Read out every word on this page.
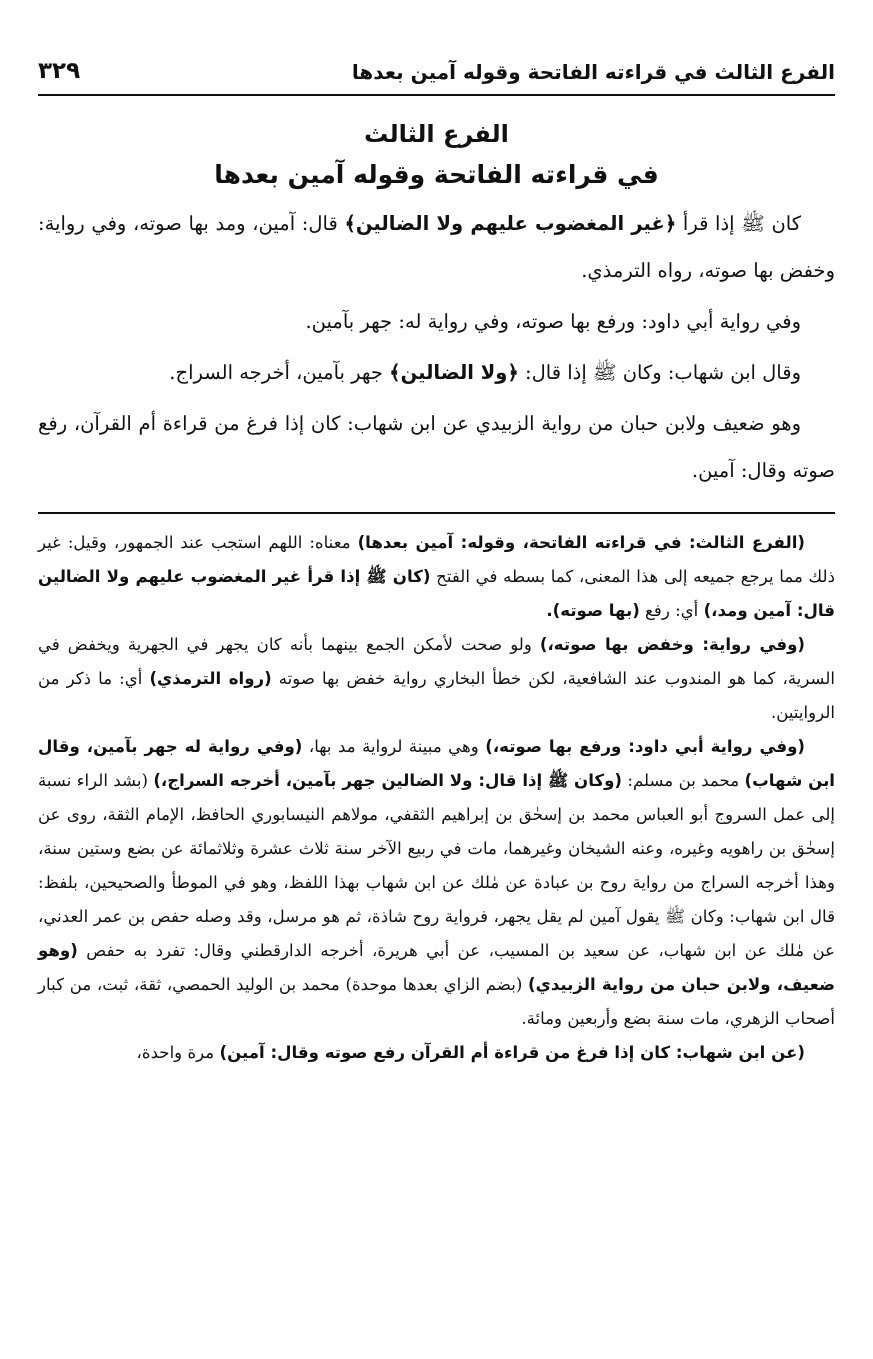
الفرع الثالث في قراءته الفاتحة وقوله آمين بعدها
٣٢٩
الفرع الثالث
في قراءته الفاتحة وقوله آمين بعدها

كان ﷺ إذا قرأ ﴿غير المغضوب عليهم ولا الضالين﴾ قال: آمين، ومد بها صوته، وفي رواية: وخفض بها صوته، رواه الترمذي.

وفي رواية أبي داود: ورفع بها صوته، وفي رواية له: جهر بآمين.

وقال ابن شهاب: وكان ﷺ إذا قال: ﴿ولا الضالين﴾ جهر بآمين، أخرجه السراج.

وهو ضعيف ولابن حبان من رواية الزبيدي عن ابن شهاب: كان إذا فرغ من قراءة أم القرآن، رفع صوته وقال: آمين.

(الفرع الثالث: في قراءته الفاتحة، وقوله: آمين بعدها) معناه: اللهم استجب عند الجمهور، وقيل: غير ذلك مما يرجع جميعه إلى هذا المعنى، كما بسطه في الفتح (كان ﷺ إذا قرأ غير المغضوب عليهم ولا الضالين قال: آمين ومد،) أي: رفع (بها صوته).

(وفي رواية: وخفض بها صوته،) ولو صحت لأمكن الجمع بينهما بأنه كان يجهر في الجهرية ويخفض في السرية، كما هو المندوب عند الشافعية، لكن خطأ البخاري رواية خفض بها صوته (رواه الترمذي) أي: ما ذكر من الروايتين.

(وفي رواية أبي داود: ورفع بها صوته،) وهي مبينة لرواية مد بها، (وفي رواية له جهر بآمين، وقال ابن شهاب) محمد بن مسلم: (وكان ﷺ إذا قال: ولا الضالين جهر بآمين، أخرجه السراج،) (بشد الراء نسبة إلى عمل السروج أبو العباس محمد بن إسحٰق بن إبراهيم الثقفي، مولاهم النيسابوري الحافظ، الإمام الثقة، روى عن إسحٰق بن راهويه وغيره، وعنه الشيخان وغيرهما، مات في ربيع الآخر سنة ثلاث عشرة وثلاثمائة عن بضع وستين سنة، وهذا أخرجه السراج من رواية روح بن عبادة عن مٰلك عن ابن شهاب بهذا اللفظ، وهو في الموطأ والصحيحين، بلفظ: قال ابن شهاب: وكان ﷺ يقول آمين لم يقل يجهر، فرواية روح شاذة، ثم هو مرسل، وقد وصله حفص بن عمر العدني، عن مٰلك عن ابن شهاب، عن سعيد بن المسيب، عن أبي هريرة، أخرجه الدارقطني وقال: تفرد به حفص (وهو ضعيف، ولابن حبان من رواية الزبيدي) (بضم الزاي بعدها موحدة) محمد بن الوليد الحمصي، ثقة، ثبت، من كبار أصحاب الزهري، مات سنة بضع وأربعين ومائة.

(عن ابن شهاب: كان إذا فرغ من قراءة أم القرآن رفع صوته وقال: آمين) مرة واحدة،
